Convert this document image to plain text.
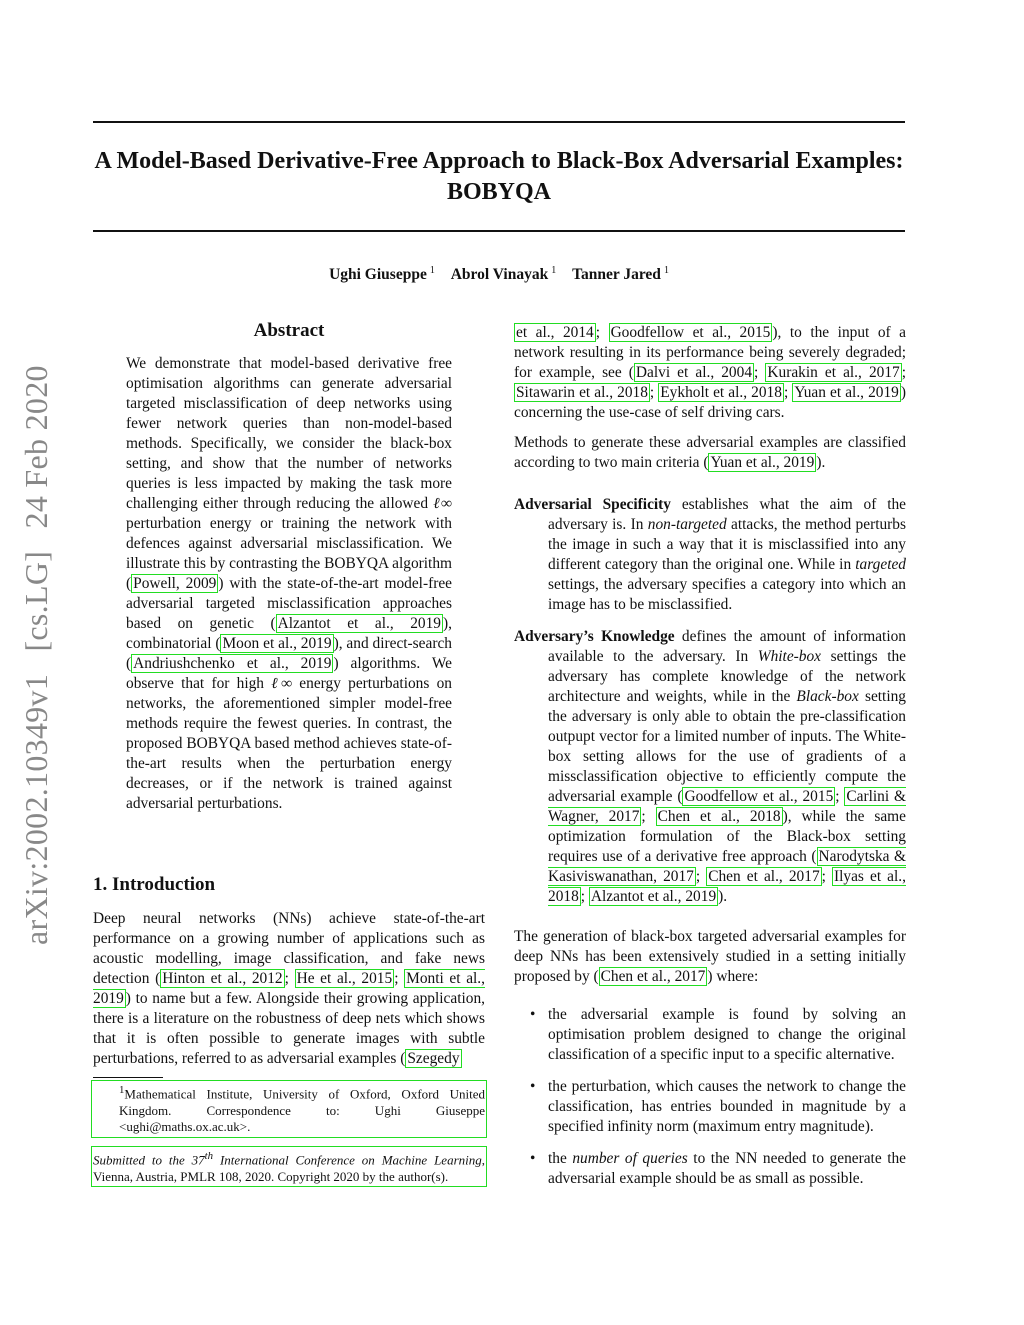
arXiv:2002.10349v1 [cs.LG] 24 Feb 2020
A Model-Based Derivative-Free Approach to Black-Box Adversarial Examples:
BOBYQA
Ughi Giuseppe $^1$ Abrol Vinayak $^1$ Tanner Jared $^1$
Abstract

We demonstrate that model-based derivative free optimisation algorithms can generate adversarial targeted misclassification of deep networks using fewer network queries than non-model-based methods. Specifically, we consider the black-box setting, and show that the number of networks queries is less impacted by making the task more challenging either through reducing the allowed ℓ∞ perturbation energy or training the network with defences against adversarial misclassification. We illustrate this by contrasting the BOBYQA algorithm ( Powell, 2009 ) with the state-of-the-art model-free adversarial targeted misclassification approaches based on genetic ( Alzantot et al., 2019 ), combinatorial ( Moon et al., 2019 ), and direct-search ( Andriushchenko et al., 2019 ) algorithms. We observe that for high ℓ∞ energy perturbations on networks, the aforementioned simpler model-free methods require the fewest queries. In contrast, the proposed BOBYQA based method achieves state-of-the-art results when the perturbation energy decreases, or if the network is trained against adversarial perturbations.

1. Introduction

Deep neural networks (NNs) achieve state-of-the-art performance on a growing number of applications such as acoustic modelling, image classification, and fake news detection ( Hinton et al., 2012 ; He et al., 2015 ; Monti et al., 2019 ) to name but a few. Alongside their growing application, there is a literature on the robustness of deep nets which shows that it is often possible to generate images with subtle perturbations, referred to as adversarial examples ( Szegedy

$^1$Mathematical Institute, University of Oxford, Oxford United Kingdom. Correspondence to: Ughi Giuseppe <ughi@maths.ox.ac.uk>.
Submitted to the 37th International Conference on Machine Learning, Vienna, Austria, PMLR 108, 2020. Copyright 2020 by the author(s).

et al., 2014 ; Goodfellow et al., 2015 ), to the input of a network resulting in its performance being severely degraded; for example, see ( Dalvi et al., 2004 ; Kurakin et al., 2017 ; Sitawarin et al., 2018 ; Eykholt et al., 2018 ; Yuan et al., 2019 ) concerning the use-case of self driving cars.

Methods to generate these adversarial examples are classified according to two main criteria ( Yuan et al., 2019 ).

Adversarial Specificity establishes what the aim of the adversary is. In non-targeted attacks, the method perturbs the image in such a way that it is misclassified into any different category than the original one. While in targeted settings, the adversary specifies a category into which an image has to be misclassified.
Adversary’s Knowledge defines the amount of information available to the adversary. In White-box settings the adversary has complete knowledge of the network architecture and weights, while in the Black-box setting the adversary is only able to obtain the pre-classification outpupt vector for a limited number of inputs. The White-box setting allows for the use of gradients of a missclassification objective to efficiently compute the adversarial example ( Goodfellow et al., 2015 ; Carlini & Wagner, 2017 ; Chen et al., 2018 ), while the same optimization formulation of the Black-box setting requires use of a derivative free approach ( Narodytska & Kasiviswanathan, 2017 ; Chen et al., 2017 ; Ilyas et al., 2018 ; Alzantot et al., 2019 ).

The generation of black-box targeted adversarial examples for deep NNs has been extensively studied in a setting initially proposed by ( Chen et al., 2017 ) where:

• the adversarial example is found by solving an optimisation problem designed to change the original classification of a specific input to a specific alternative.
• the perturbation, which causes the network to change the classification, has entries bounded in magnitude by a specified infinity norm (maximum entry magnitude).
• the number of queries to the NN needed to generate the adversarial example should be as small as possible.
